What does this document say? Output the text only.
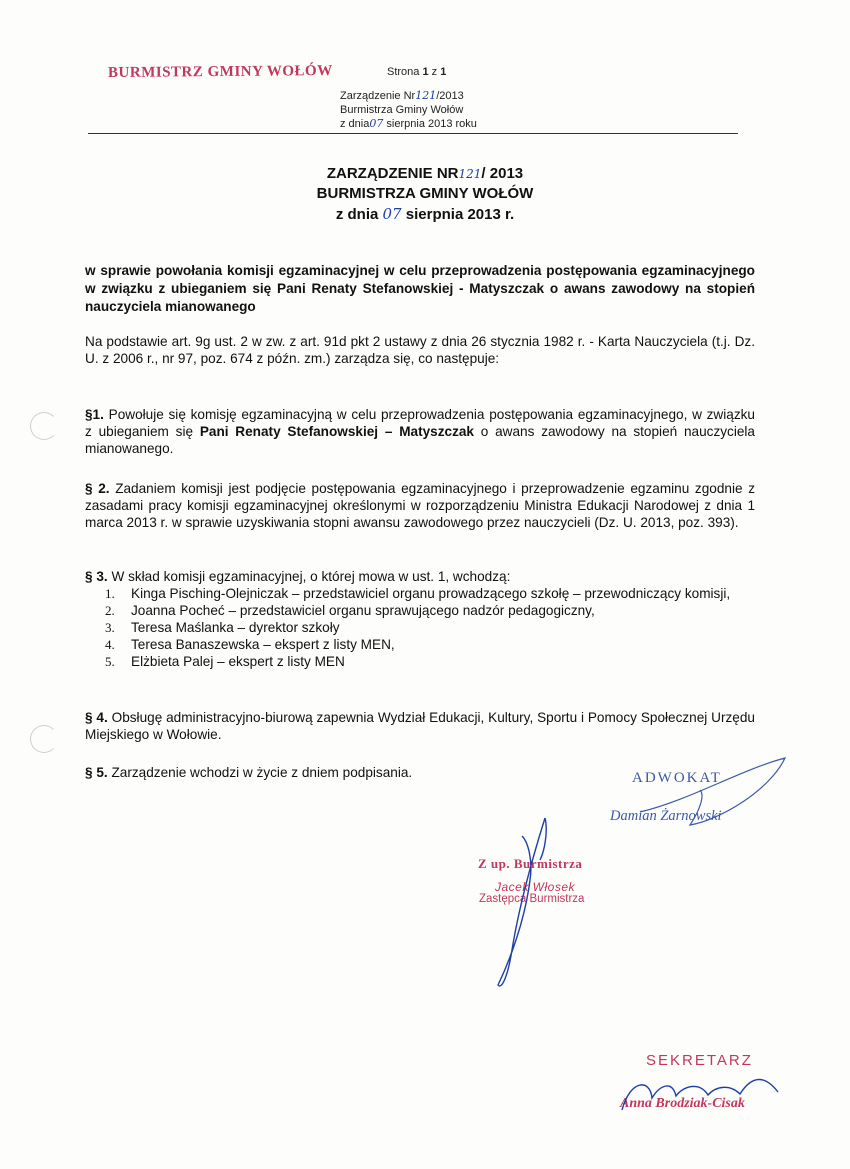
BURMISTRZ GMINY WOŁÓW	Strona 1 z 1
Zarządzenie Nr121/2013
Burmistrza Gminy Wołów
z dnia07 sierpnia 2013 roku
ZARZĄDZENIE NR121/ 2013
BURMISTRZA GMINY WOŁÓW
z dnia 07 sierpnia 2013 r.
w sprawie powołania komisji egzaminacyjnej w celu przeprowadzenia postępowania egzaminacyjnego w związku z ubieganiem się Pani Renaty Stefanowskiej - Matyszczak o awans zawodowy na stopień nauczyciela mianowanego
Na podstawie art. 9g ust. 2 w zw. z art. 91d pkt 2 ustawy z dnia 26 stycznia 1982 r. - Karta Nauczyciela (t.j. Dz. U. z 2006 r., nr 97, poz. 674 z późn. zm.) zarządza się, co następuje:
§1. Powołuje się komisję egzaminacyjną w celu przeprowadzenia postępowania egzaminacyjnego, w związku z ubieganiem się Pani Renaty Stefanowskiej – Matyszczak o awans zawodowy na stopień nauczyciela mianowanego.
§ 2. Zadaniem komisji jest podjęcie postępowania egzaminacyjnego i przeprowadzenie egzaminu zgodnie z zasadami pracy komisji egzaminacyjnej określonymi w rozporządzeniu Ministra Edukacji Narodowej z dnia 1 marca 2013 r. w sprawie uzyskiwania stopni awansu zawodowego przez nauczycieli (Dz. U. 2013, poz. 393).
§ 3. W skład komisji egzaminacyjnej, o której mowa w ust. 1, wchodzą:
1. Kinga Pisching-Olejniczak – przedstawiciel organu prowadzącego szkołę – przewodniczący komisji,
2. Joanna Pocheć – przedstawiciel organu sprawującego nadzór pedagogiczny,
3. Teresa Maślanka – dyrektor szkoły
4. Teresa Banaszewska – ekspert z listy MEN,
5. Elżbieta Palej – ekspert z listy MEN
§ 4. Obsługę administracyjno-biurową zapewnia Wydział Edukacji, Kultury, Sportu i Pomocy Społecznej Urzędu Miejskiego w Wołowie.
§ 5. Zarządzenie wchodzi w życie z dniem podpisania.	ADWOKAT
Damian Żarnowski
Z up. Burmistrza
Jacek Włosek
Zastępca Burmistrza
SEKRETARZ
Anna Brodziak-Cisak
